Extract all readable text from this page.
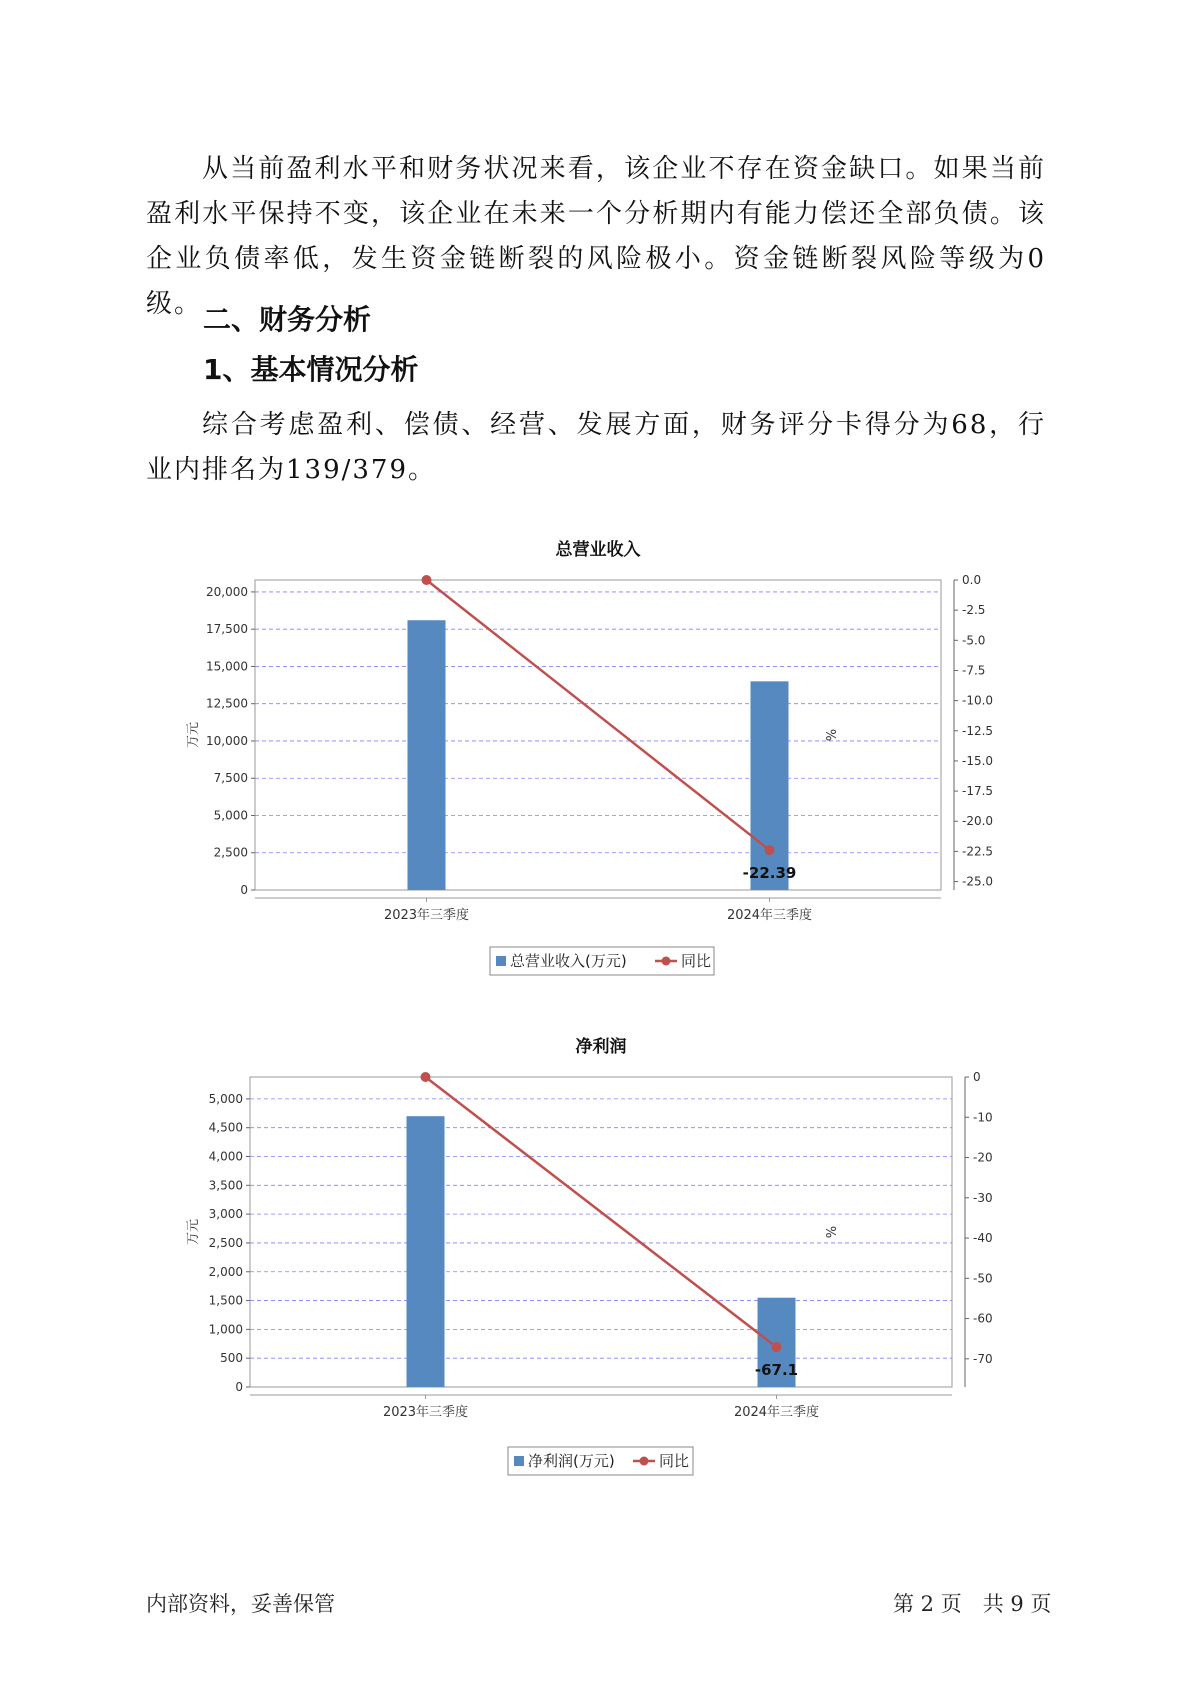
从当前盈利水平和财务状况来看，该企业不存在资金缺口。如果当前盈利水平保持不变，该企业在未来一个分析期内有能力偿还全部负债。该企业负债率低，发生资金链断裂的风险极小。资金链断裂风险等级为0级。 二、财务分析
1、基本情况分析

综合考虑盈利、偿债、经营、发展方面，财务评分卡得分为68，行业内排名为139/379。

总营业收入
0
2,500
5,000
7,500
10,000
12,500
15,000
17,500
20,000
0.0
-2.5
-5.0
-7.5
-10.0
-12.5
-15.0
-17.5
-20.0
-22.5
-25.0
万元	%
-22.39
2023年三季度	2024年三季度
总营业收入(万元)	同比
净利润
0
500
1,000
1,500
2,000
2,500
3,000
3,500
4,000
4,500
5,000
0
-10
-20
-30
-40
-50
-60
-70
万元	%
-67.1
2023年三季度	2024年三季度
净利润(万元)	同比
内部资料，妥善保管	第 2 页　共 9 页
